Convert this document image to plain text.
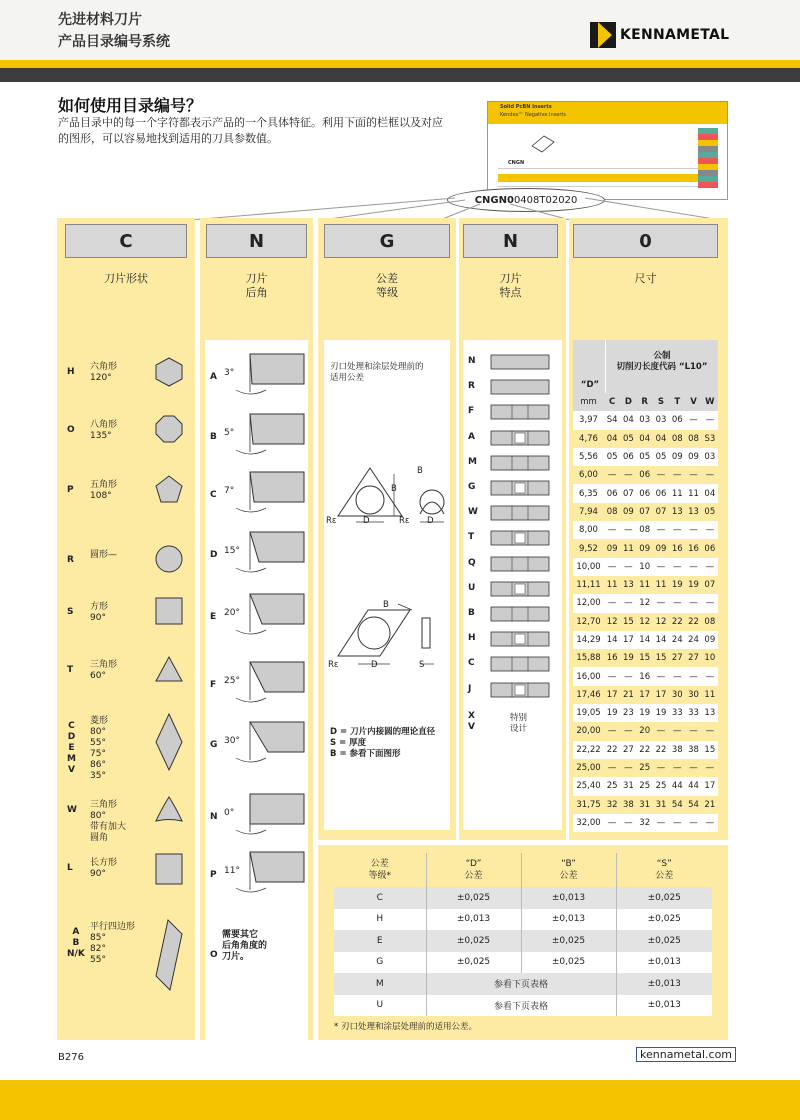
先进材料刀片
产品目录编号系统	KENNAMETAL
如何使用目录编号？
产品目录中的每一个字符都表示产品的一个具体特征。利用下面的栏框以及对应的图形，可以容易地找到适用的刀具参数值。
Solid PcBN Inserts
Kendex™ Negative Inserts
CNGN
CNGN0 0408T02020
C	N	G	N	0
刀片形状	刀片
后角
公差
等级
刀片
特点
尺寸
H 六角形
120°
O 八角形
135°
P 五角形
108°
R 圆形—
S 方形
90°
T 三角形
60°
C
D
E
M
V
菱形
80°
55°
75°
86°
35°
W 三角形
80°
带有加大
圆角
L 长方形
90°
A
B
N/K
平行四边形
85°
82°
55°
A 3°
B 5°
C 7°
D 15°
E 20°
F 25°
G 30°
N 0°
P 11°
O
需要其它
后角角度的
刀片。
刃口处理和涂层处理前的
适用公差
B
B
Rε	D	Rε D
B
Rε	D	S
D = 刀片内接圆的理论直径
S = 厚度
B = 参看下面图形
N
R
F
A
M
G
W
T
Q
U
B
H
C
J
X
V
特别
设计
公制
切削刃长度代码 “L10”
“D”
mm	C	D	R	S	T	V	W
3,97	S4	04	03	03	06	—	—
4,76	04	05	04	04	08	08	S3
5,56	05	06	05	05	09	09	03
6,00	—	—	06	—	—	—	—
6,35	06	07	06	06	11	11	04
7,94	08	09	07	07	13	13	05
8,00	—	—	08	—	—	—	—
9,52	09	11	09	09	16	16	06
10,00	—	—	10	—	—	—	—
11,11	11	13	11	11	19	19	07
12,00	—	—	12	—	—	—	—
12,70	12	15	12	12	22	22	08
14,29	14	17	14	14	24	24	09
15,88	16	19	15	15	27	27	10
16,00	—	—	16	—	—	—	—
17,46	17	21	17	17	30	30	11
19,05	19	23	19	19	33	33	13
20,00	—	—	20	—	—	—	—
22,22	22	27	22	22	38	38	15
25,00	—	—	25	—	—	—	—
25,40	25	31	25	25	44	44	17
31,75	32	38	31	31	54	54	21
32,00	—	—	32	—	—	—	—
公差
等级*	“D”
公差	“B”
公差	“S”
公差
C	±0,025	±0,013	±0,025
H	±0,013	±0,013	±0,025
E	±0,025	±0,025	±0,025
G	±0,025	±0,025	±0,013
M	参看下页表格		±0,013
U	参看下页表格		±0,013
* 刃口处理和涂层处理前的适用公差。
B276	kennametal.com
